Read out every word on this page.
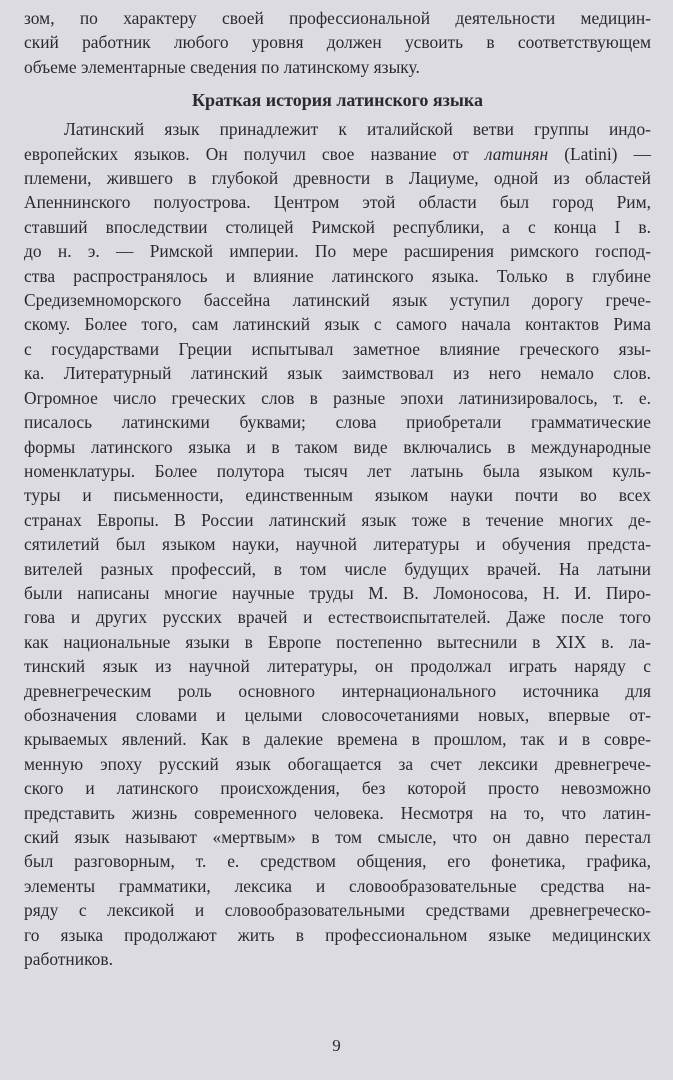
зом, по характеру своей профессиональной деятельности медицин-
ский работник любого уровня должен усвоить в соответствующем
объеме элементарные сведения по латинскому языку.

Краткая история латинского языка

Латинский язык принадлежит к италийской ветви группы индо-
европейских языков. Он получил свое название от латинян (Latini) —
племени, жившего в глубокой древности в Лациуме, одной из областей
Апеннинского полуострова. Центром этой области был город Рим,
ставший впоследствии столицей Римской республики, а с конца I в.
до н. э. — Римской империи. По мере расширения римского господ-
ства распространялось и влияние латинского языка. Только в глубине
Средиземноморского бассейна латинский язык уступил дорогу грече-
скому. Более того, сам латинский язык с самого начала контактов Рима
с государствами Греции испытывал заметное влияние греческого язы-
ка. Литературный латинский язык заимствовал из него немало слов.
Огромное число греческих слов в разные эпохи латинизировалось, т. е.
писалось латинскими буквами; слова приобретали грамматические
формы латинского языка и в таком виде включались в международные
номенклатуры. Более полутора тысяч лет латынь была языком куль-
туры и письменности, единственным языком науки почти во всех
странах Европы. В России латинский язык тоже в течение многих де-
сятилетий был языком науки, научной литературы и обучения предста-
вителей разных профессий, в том числе будущих врачей. На латыни
были написаны многие научные труды М. В. Ломоносова, Н. И. Пиро-
гова и других русских врачей и естествоиспытателей. Даже после того
как национальные языки в Европе постепенно вытеснили в XIX в. ла-
тинский язык из научной литературы, он продолжал играть наряду с
древнегреческим роль основного интернационального источника для
обозначения словами и целыми словосочетаниями новых, впервые от-
крываемых явлений. Как в далекие времена в прошлом, так и в совре-
менную эпоху русский язык обогащается за счет лексики древнегрече-
ского и латинского происхождения, без которой просто невозможно
представить жизнь современного человека. Несмотря на то, что латин-
ский язык называют «мертвым» в том смысле, что он давно перестал
был разговорным, т. е. средством общения, его фонетика, графика,
элементы грамматики, лексика и словообразовательные средства на-
ряду с лексикой и словообразовательными средствами древнегреческо-
го языка продолжают жить в профессиональном языке медицинских
работников.

9
